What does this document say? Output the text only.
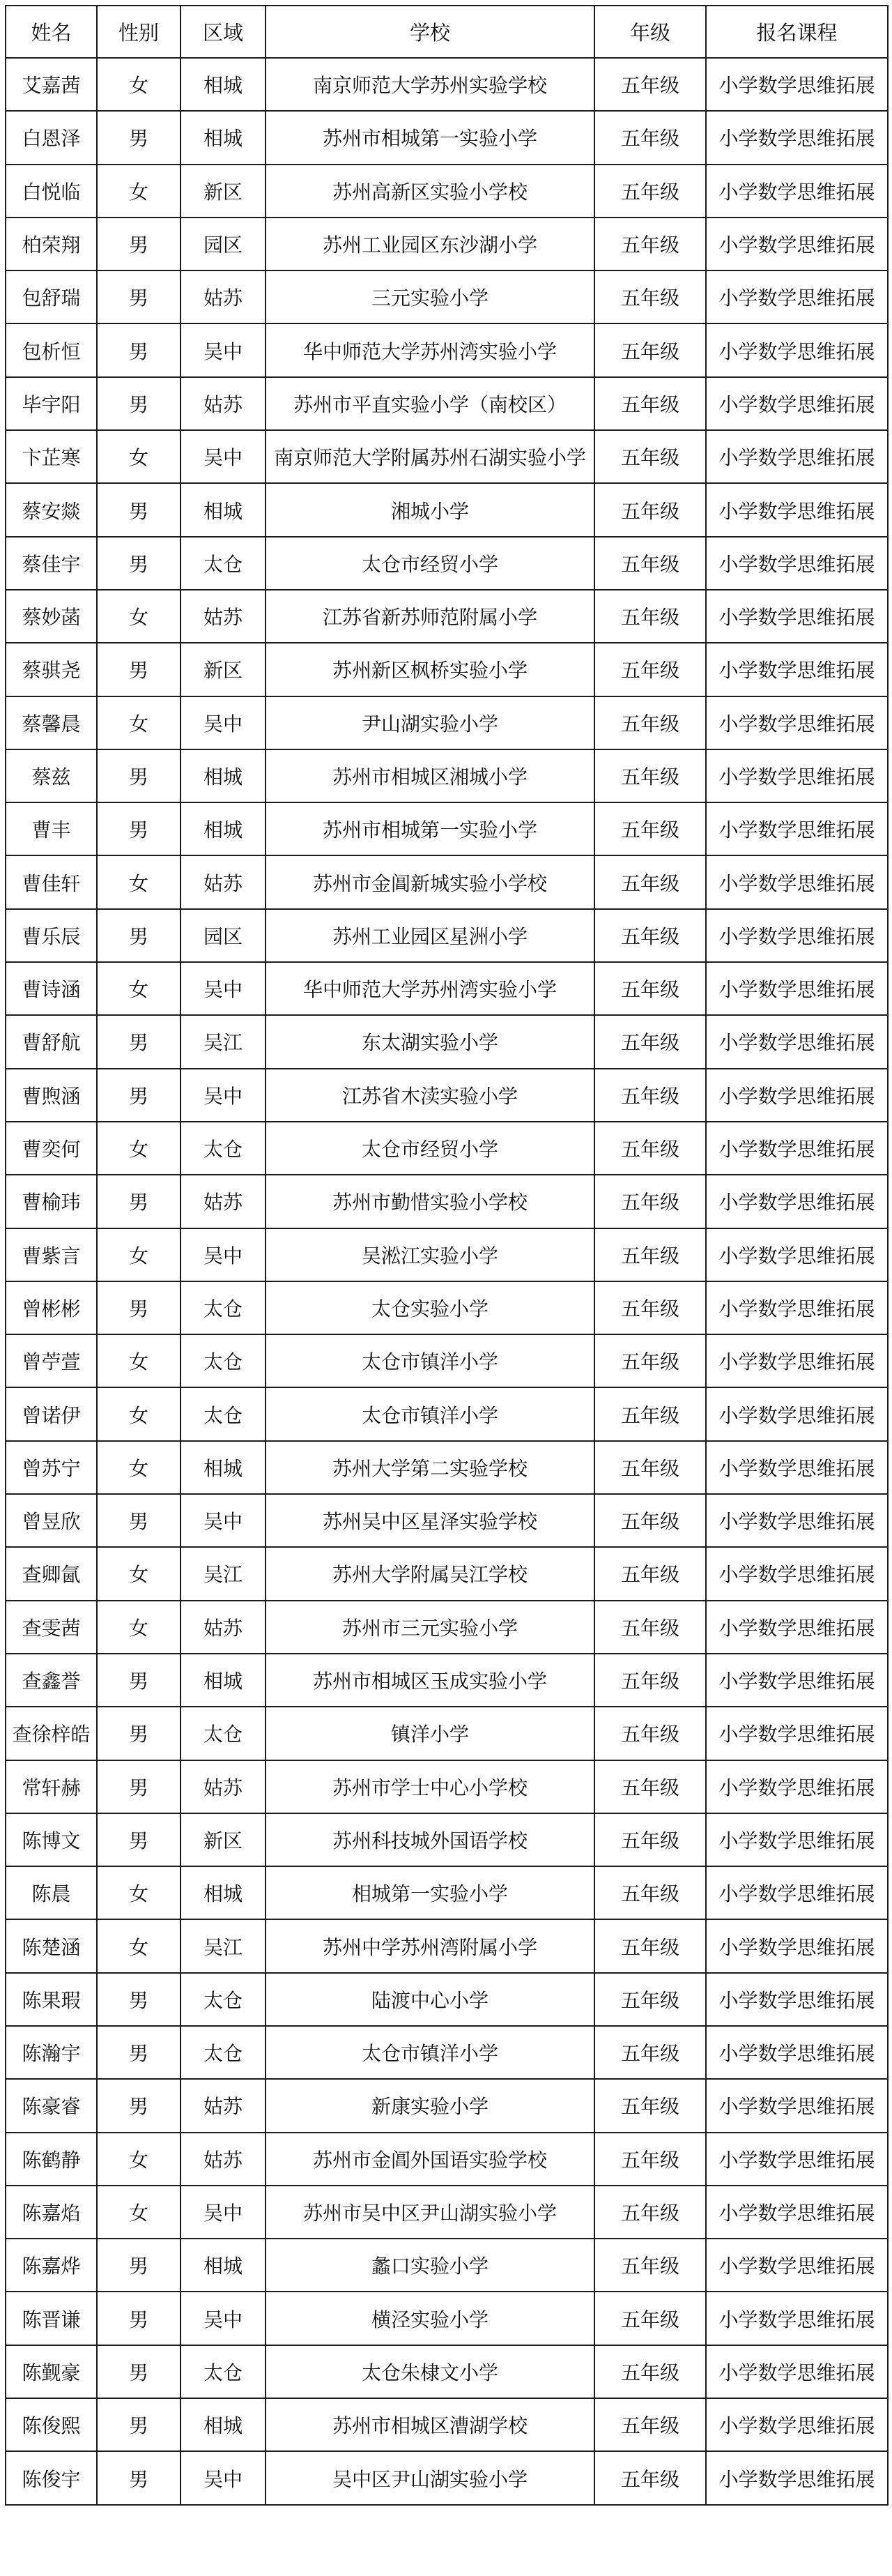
姓名	性别	区域	学校	年级	报名课程
艾嘉茜	女	相城	南京师范大学苏州实验学校	五年级	小学数学思维拓展
白恩泽	男	相城	苏州市相城第一实验小学	五年级	小学数学思维拓展
白悦临	女	新区	苏州高新区实验小学校	五年级	小学数学思维拓展
柏荣翔	男	园区	苏州工业园区东沙湖小学	五年级	小学数学思维拓展
包舒瑞	男	姑苏	三元实验小学	五年级	小学数学思维拓展
包析恒	男	吴中	华中师范大学苏州湾实验小学	五年级	小学数学思维拓展
毕宇阳	男	姑苏	苏州市平直实验小学（南校区）	五年级	小学数学思维拓展
卞芷寒	女	吴中	南京师范大学附属苏州石湖实验小学	五年级	小学数学思维拓展
蔡安燚	男	相城	湘城小学	五年级	小学数学思维拓展
蔡佳宇	男	太仓	太仓市经贸小学	五年级	小学数学思维拓展
蔡妙菡	女	姑苏	江苏省新苏师范附属小学	五年级	小学数学思维拓展
蔡骐尧	男	新区	苏州新区枫桥实验小学	五年级	小学数学思维拓展
蔡馨晨	女	吴中	尹山湖实验小学	五年级	小学数学思维拓展
蔡兹	男	相城	苏州市相城区湘城小学	五年级	小学数学思维拓展
曹丰	男	相城	苏州市相城第一实验小学	五年级	小学数学思维拓展
曹佳轩	女	姑苏	苏州市金阊新城实验小学校	五年级	小学数学思维拓展
曹乐辰	男	园区	苏州工业园区星洲小学	五年级	小学数学思维拓展
曹诗涵	女	吴中	华中师范大学苏州湾实验小学	五年级	小学数学思维拓展
曹舒航	男	吴江	东太湖实验小学	五年级	小学数学思维拓展
曹煦涵	男	吴中	江苏省木渎实验小学	五年级	小学数学思维拓展
曹奕何	女	太仓	太仓市经贸小学	五年级	小学数学思维拓展
曹榆玮	男	姑苏	苏州市勤惜实验小学校	五年级	小学数学思维拓展
曹紫言	女	吴中	吴淞江实验小学	五年级	小学数学思维拓展
曾彬彬	男	太仓	太仓实验小学	五年级	小学数学思维拓展
曾苧萱	女	太仓	太仓市镇洋小学	五年级	小学数学思维拓展
曾诺伊	女	太仓	太仓市镇洋小学	五年级	小学数学思维拓展
曾苏宁	女	相城	苏州大学第二实验学校	五年级	小学数学思维拓展
曾昱欣	男	吴中	苏州吴中区星泽实验学校	五年级	小学数学思维拓展
查卿氤	女	吴江	苏州大学附属吴江学校	五年级	小学数学思维拓展
查雯茜	女	姑苏	苏州市三元实验小学	五年级	小学数学思维拓展
查鑫誉	男	相城	苏州市相城区玉成实验小学	五年级	小学数学思维拓展
查徐梓皓	男	太仓	镇洋小学	五年级	小学数学思维拓展
常轩赫	男	姑苏	苏州市学士中心小学校	五年级	小学数学思维拓展
陈博文	男	新区	苏州科技城外国语学校	五年级	小学数学思维拓展
陈晨	女	相城	相城第一实验小学	五年级	小学数学思维拓展
陈楚涵	女	吴江	苏州中学苏州湾附属小学	五年级	小学数学思维拓展
陈果瑕	男	太仓	陆渡中心小学	五年级	小学数学思维拓展
陈瀚宇	男	太仓	太仓市镇洋小学	五年级	小学数学思维拓展
陈豪睿	男	姑苏	新康实验小学	五年级	小学数学思维拓展
陈鹤静	女	姑苏	苏州市金阊外国语实验学校	五年级	小学数学思维拓展
陈嘉焰	女	吴中	苏州市吴中区尹山湖实验小学	五年级	小学数学思维拓展
陈嘉烨	男	相城	蠡口实验小学	五年级	小学数学思维拓展
陈晋谦	男	吴中	横泾实验小学	五年级	小学数学思维拓展
陈觐豪	男	太仓	太仓朱棣文小学	五年级	小学数学思维拓展
陈俊熙	男	相城	苏州市相城区漕湖学校	五年级	小学数学思维拓展
陈俊宇	男	吴中	吴中区尹山湖实验小学	五年级	小学数学思维拓展
